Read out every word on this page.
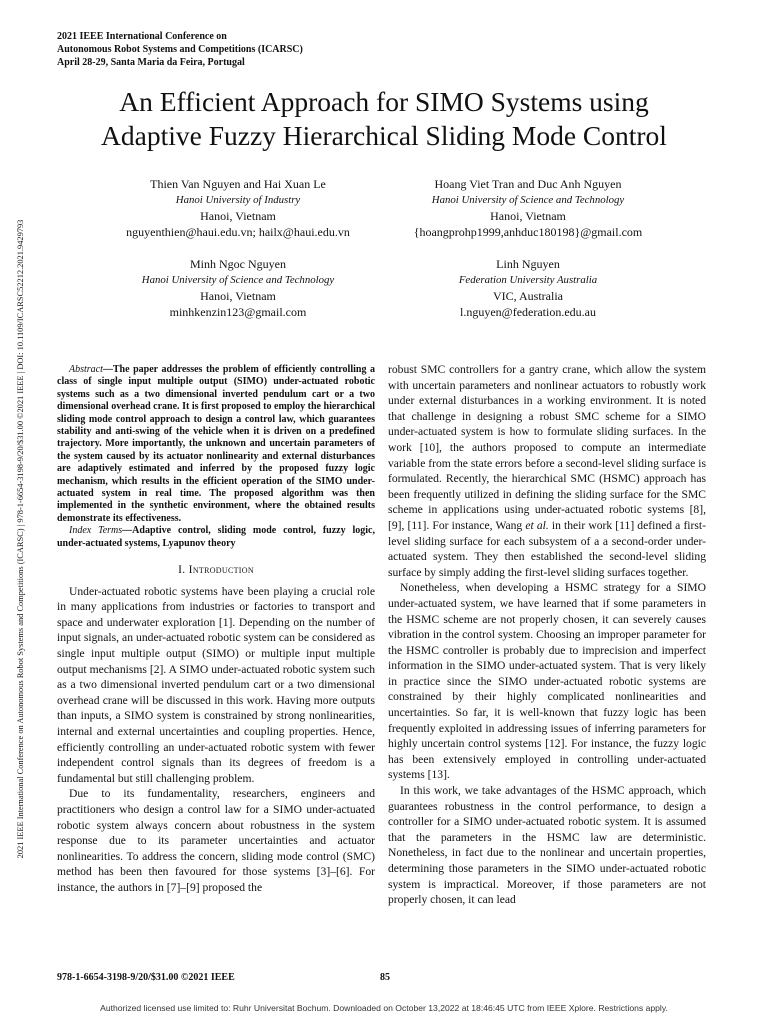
2021 IEEE International Conference on
Autonomous Robot Systems and Competitions (ICARSC)
April 28-29, Santa Maria da Feira, Portugal
2021 IEEE International Conference on Autonomous Robot Systems and Competitions (ICARSC) | 978-1-6654-3198-9/20/$31.00 ©2021 IEEE | DOI: 10.1109/ICARSC52212.2021.9429793
An Efficient Approach for SIMO Systems using
Adaptive Fuzzy Hierarchical Sliding Mode Control
Thien Van Nguyen and Hai Xuan Le
Hanoi University of Industry
Hanoi, Vietnam
nguyenthien@haui.edu.vn; hailx@haui.edu.vn
Hoang Viet Tran and Duc Anh Nguyen
Hanoi University of Science and Technology
Hanoi, Vietnam
{hoangprohp1999,anhduc180198}@gmail.com
Minh Ngoc Nguyen
Hanoi University of Science and Technology
Hanoi, Vietnam
minhkenzin123@gmail.com
Linh Nguyen
Federation University Australia
VIC, Australia
l.nguyen@federation.edu.au

Abstract—The paper addresses the problem of efficiently controlling a class of single input multiple output (SIMO) under-actuated robotic systems such as a two dimensional inverted pendulum cart or a two dimensional overhead crane. It is first proposed to employ the hierarchical sliding mode control approach to design a control law, which guarantees stability and anti-swing of the vehicle when it is driven on a predefined trajectory. More importantly, the unknown and uncertain parameters of the system caused by its actuator nonlinearity and external disturbances are adaptively estimated and inferred by the proposed fuzzy logic mechanism, which results in the efficient operation of the SIMO under-actuated system in real time. The proposed algorithm was then implemented in the synthetic environment, where the obtained results demonstrate its effectiveness.

Index Terms—Adaptive control, sliding mode control, fuzzy logic, under-actuated systems, Lyapunov theory

I. Introduction

Under-actuated robotic systems have been playing a crucial role in many applications from industries or factories to transport and space and underwater exploration [1]. Depending on the number of input signals, an under-actuated robotic system can be considered as single input multiple output (SIMO) or multiple input multiple output mechanisms [2]. A SIMO under-actuated robotic system such as a two dimensional inverted pendulum cart or a two dimensional overhead crane will be discussed in this work. Having more outputs than inputs, a SIMO system is constrained by strong nonlinearities, internal and external uncertainties and coupling properties. Hence, efficiently controlling an under-actuated robotic system with fewer independent control signals than its degrees of freedom is a fundamental but still challenging problem.

Due to its fundamentality, researchers, engineers and practitioners who design a control law for a SIMO under-actuated robotic system always concern about robustness in the system response due to its parameter uncertainties and actuator nonlinearities. To address the concern, sliding mode control (SMC) method has been then favoured for those systems [3]–[6]. For instance, the authors in [7]–[9] proposed the

robust SMC controllers for a gantry crane, which allow the system with uncertain parameters and nonlinear actuators to robustly work under external disturbances in a working environment. It is noted that challenge in designing a robust SMC scheme for a SIMO under-actuated system is how to formulate sliding surfaces. In the work [10], the authors proposed to compute an intermediate variable from the state errors before a second-level sliding surface is formulated. Recently, the hierarchical SMC (HSMC) approach has been frequently utilized in defining the sliding surface for the SMC scheme in applications using under-actuated robotic systems [8], [9], [11]. For instance, Wang et al. in their work [11] defined a first-level sliding surface for each subsystem of a a second-order under-actuated system. They then established the second-level sliding surface by simply adding the first-level sliding surfaces together.

Nonetheless, when developing a HSMC strategy for a SIMO under-actuated system, we have learned that if some parameters in the HSMC scheme are not properly chosen, it can severely causes vibration in the control system. Choosing an improper parameter for the HSMC controller is probably due to imprecision and imperfect information in the SIMO under-actuated system. That is very likely in practice since the SIMO under-actuated robotic systems are constrained by their highly complicated nonlinearities and uncertainties. So far, it is well-known that fuzzy logic has been frequently exploited in addressing issues of inferring parameters for highly uncertain control systems [12]. For instance, the fuzzy logic has been extensively employed in controlling under-actuated systems [13].

In this work, we take advantages of the HSMC approach, which guarantees robustness in the control performance, to design a controller for a SIMO under-actuated robotic system. It is assumed that the parameters in the HSMC law are deterministic. Nonetheless, in fact due to the nonlinear and uncertain properties, determining those parameters in the SIMO under-actuated robotic system is impractical. Moreover, if those parameters are not properly chosen, it can lead

978-1-6654-3198-9/20/$31.00 ©2021 IEEE	85
Authorized licensed use limited to: Ruhr Universitat Bochum. Downloaded on October 13,2022 at 18:46:45 UTC from IEEE Xplore. Restrictions apply.
